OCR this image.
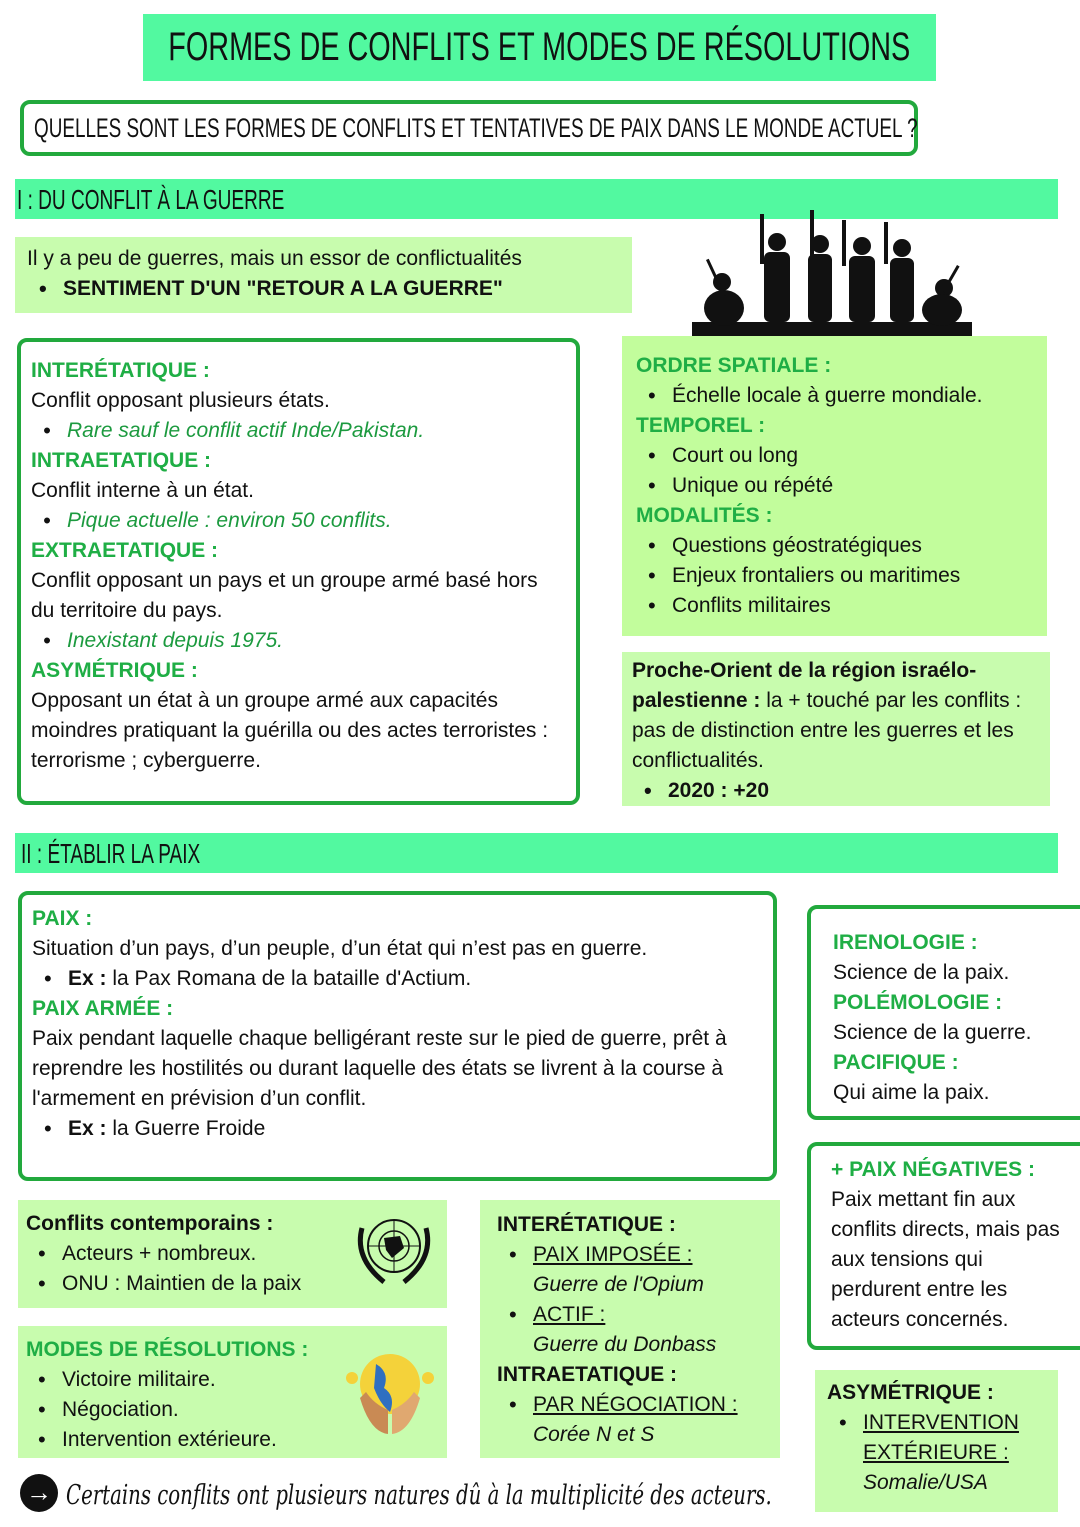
FORMES DE CONFLITS ET MODES DE RÉSOLUTIONS
QUELLES SONT LES FORMES DE CONFLITS ET TENTATIVES DE PAIX DANS LE MONDE ACTUEL ?
I : DU CONFLIT À LA GUERRE
Il y a peu de guerres, mais un essor de conflictualités
• SENTIMENT D'UN "RETOUR A LA GUERRE"
INTERÉTATIQUE :
Conflit opposant plusieurs états.
• Rare sauf le conflit actif Inde/Pakistan.
INTRAETATIQUE :
Conflit interne à un état.
• Pique actuelle : environ 50 conflits.
EXTRAETATIQUE :
Conflit opposant un pays et un groupe armé basé hors du territoire du pays.
• Inexistant depuis 1975.
ASYMÉTRIQUE :
Opposant un état à un groupe armé aux capacités moindres pratiquant la guérilla ou des actes terroristes : terrorisme ; cyberguerre.
ORDRE SPATIALE :
• Échelle locale à guerre mondiale.
TEMPOREL :
• Court ou long
• Unique ou répété
MODALITÉS :
• Questions géostratégiques
• Enjeux frontaliers ou maritimes
• Conflits militaires
Proche-Orient de la région israélo-palestienne : la + touché par les conflits : pas de distinction entre les guerres et les conflictualités.
• 2020 : +20
II : ÉTABLIR LA PAIX
PAIX :
Situation d’un pays, d’un peuple, d’un état qui n’est pas en guerre.
• Ex : la Pax Romana de la bataille d'Actium.
PAIX ARMÉE :
Paix pendant laquelle chaque belligérant reste sur le pied de guerre, prêt à reprendre les hostilités ou durant laquelle des états se livrent à la course à l'armement en prévision d’un conflit.
• Ex : la Guerre Froide
IRENOLOGIE :
Science de la paix.
POLÉMOLOGIE :
Science de la guerre.
PACIFIQUE :
Qui aime la paix.
+ PAIX NÉGATIVES :
Paix mettant fin aux conflits directs, mais pas aux tensions qui perdurent entre les acteurs concernés.
Conflits contemporains :
• Acteurs + nombreux.
• ONU : Maintien de la paix
MODES DE RÉSOLUTIONS :
• Victoire militaire.
• Négociation.
• Intervention extérieure.
INTERÉTATIQUE :
• PAIX IMPOSÉE :
Guerre de l'Opium
• ACTIF : Guerre du Donbass
INTRAETATIQUE :
• PAR NÉGOCIATION :
Corée N et S
ASYMÉTRIQUE :
• INTERVENTION EXTÉRIEURE :
Somalie/USA
→ Certains conflits ont plusieurs natures dû à la multiplicité des acteurs.
